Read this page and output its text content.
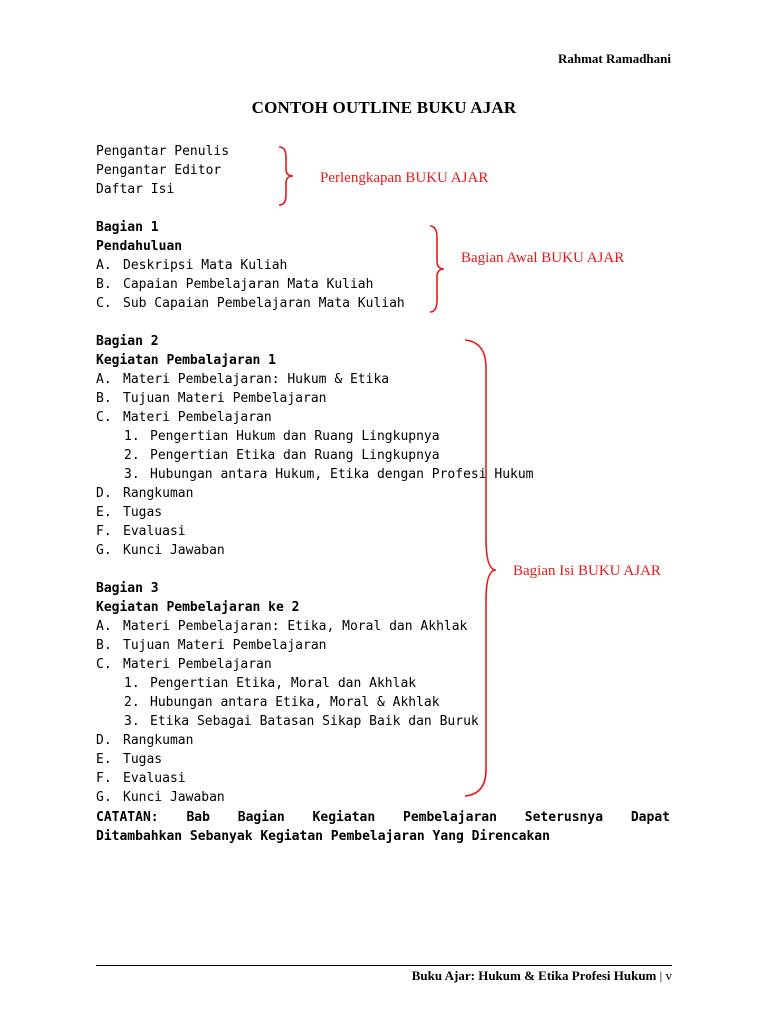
Rahmat Ramadhani
CONTOH OUTLINE BUKU AJAR
Pengantar Penulis
Pengantar Editor
Daftar Isi
Perlengkapan BUKU AJAR
Bagian 1
Pendahuluan
A. Deskripsi Mata Kuliah
B. Capaian Pembelajaran Mata Kuliah
C. Sub Capaian Pembelajaran Mata Kuliah
Bagian Awal BUKU AJAR
Bagian 2
Kegiatan Pembalajaran 1
A. Materi Pembelajaran: Hukum & Etika
B. Tujuan Materi Pembelajaran
C. Materi Pembelajaran
1. Pengertian Hukum dan Ruang Lingkupnya
2. Pengertian Etika dan Ruang Lingkupnya
3. Hubungan antara Hukum, Etika dengan Profesi Hukum
D. Rangkuman
E. Tugas
F. Evaluasi
G. Kunci Jawaban
Bagian 3
Kegiatan Pembelajaran ke 2
A. Materi Pembelajaran: Etika, Moral dan Akhlak
B. Tujuan Materi Pembelajaran
C. Materi Pembelajaran
1. Pengertian Etika, Moral dan Akhlak
2. Hubungan antara Etika, Moral & Akhlak
3. Etika Sebagai Batasan Sikap Baik dan Buruk
D. Rangkuman
E. Tugas
F. Evaluasi
G. Kunci Jawaban
Bagian Isi BUKU AJAR
CATATAN: Bab Bagian Kegiatan Pembelajaran Seterusnya Dapat
Ditambahkan Sebanyak Kegiatan Pembelajaran Yang Direncakan
Buku Ajar: Hukum & Etika Profesi Hukum | v
